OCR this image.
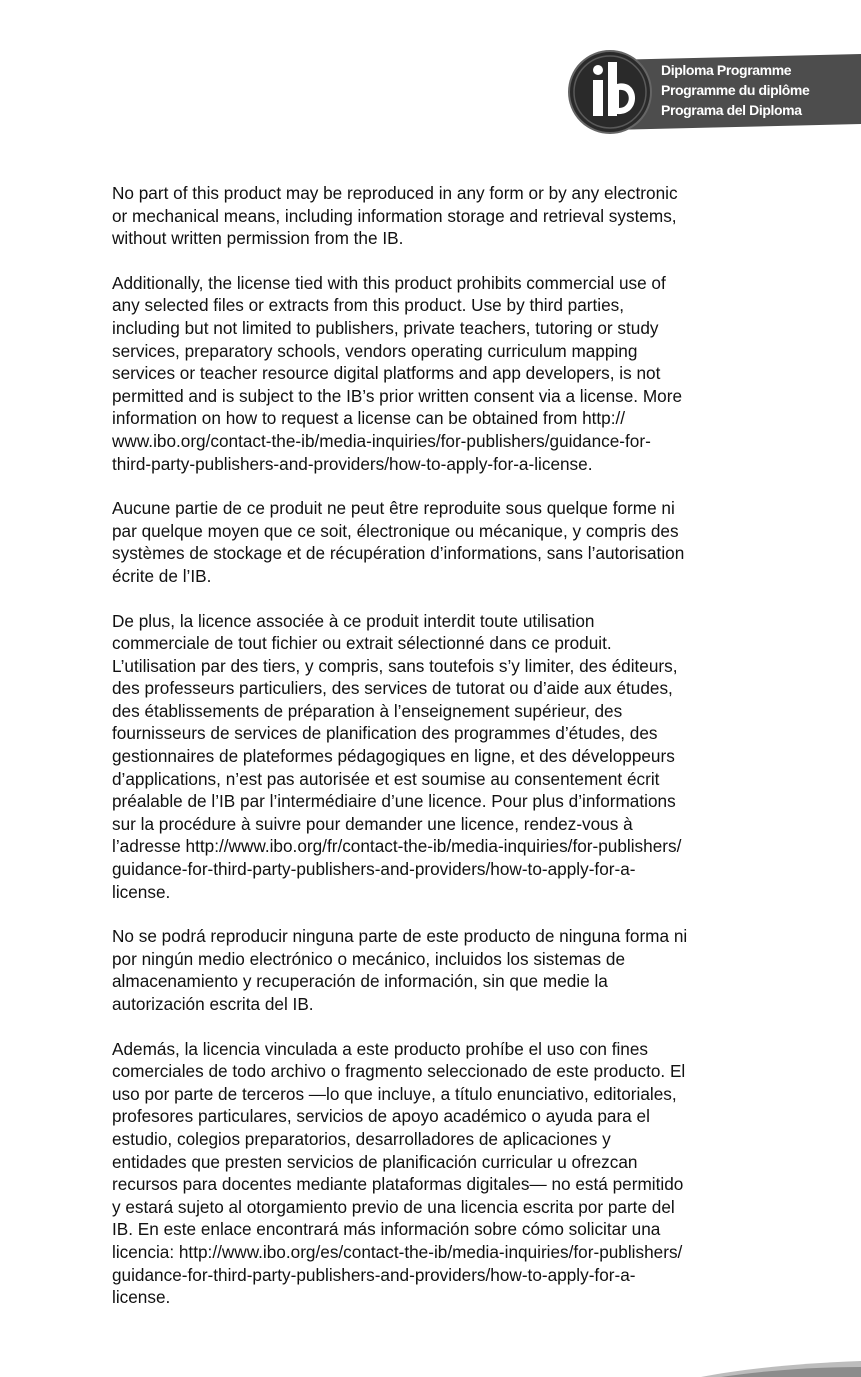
Diploma Programme
Programme du diplôme
Programa del Diploma

No part of this product may be reproduced in any form or by any electronic
or mechanical means, including information storage and retrieval systems,
without written permission from the IB.

Additionally, the license tied with this product prohibits commercial use of
any selected files or extracts from this product. Use by third parties,
including but not limited to publishers, private teachers, tutoring or study
services, preparatory schools, vendors operating curriculum mapping
services or teacher resource digital platforms and app developers, is not
permitted and is subject to the IB’s prior written consent via a license. More
information on how to request a license can be obtained from http://
www.ibo.org/contact-the-ib/media-inquiries/for-publishers/guidance-for-
third-party-publishers-and-providers/how-to-apply-for-a-license.

Aucune partie de ce produit ne peut être reproduite sous quelque forme ni
par quelque moyen que ce soit, électronique ou mécanique, y compris des
systèmes de stockage et de récupération d’informations, sans l’autorisation
écrite de l’IB.

De plus, la licence associée à ce produit interdit toute utilisation
commerciale de tout fichier ou extrait sélectionné dans ce produit.
L’utilisation par des tiers, y compris, sans toutefois s’y limiter, des éditeurs,
des professeurs particuliers, des services de tutorat ou d’aide aux études,
des établissements de préparation à l’enseignement supérieur, des
fournisseurs de services de planification des programmes d’études, des
gestionnaires de plateformes pédagogiques en ligne, et des développeurs
d’applications, n’est pas autorisée et est soumise au consentement écrit
préalable de l’IB par l’intermédiaire d’une licence. Pour plus d’informations
sur la procédure à suivre pour demander une licence, rendez-vous à
l’adresse http://www.ibo.org/fr/contact-the-ib/media-inquiries/for-publishers/
guidance-for-third-party-publishers-and-providers/how-to-apply-for-a-
license.

No se podrá reproducir ninguna parte de este producto de ninguna forma ni
por ningún medio electrónico o mecánico, incluidos los sistemas de
almacenamiento y recuperación de información, sin que medie la
autorización escrita del IB.

Además, la licencia vinculada a este producto prohíbe el uso con fines
comerciales de todo archivo o fragmento seleccionado de este producto. El
uso por parte de terceros —lo que incluye, a título enunciativo, editoriales,
profesores particulares, servicios de apoyo académico o ayuda para el
estudio, colegios preparatorios, desarrolladores de aplicaciones y
entidades que presten servicios de planificación curricular u ofrezcan
recursos para docentes mediante plataformas digitales— no está permitido
y estará sujeto al otorgamiento previo de una licencia escrita por parte del
IB. En este enlace encontrará más información sobre cómo solicitar una
licencia: http://www.ibo.org/es/contact-the-ib/media-inquiries/for-publishers/
guidance-for-third-party-publishers-and-providers/how-to-apply-for-a-
license.
